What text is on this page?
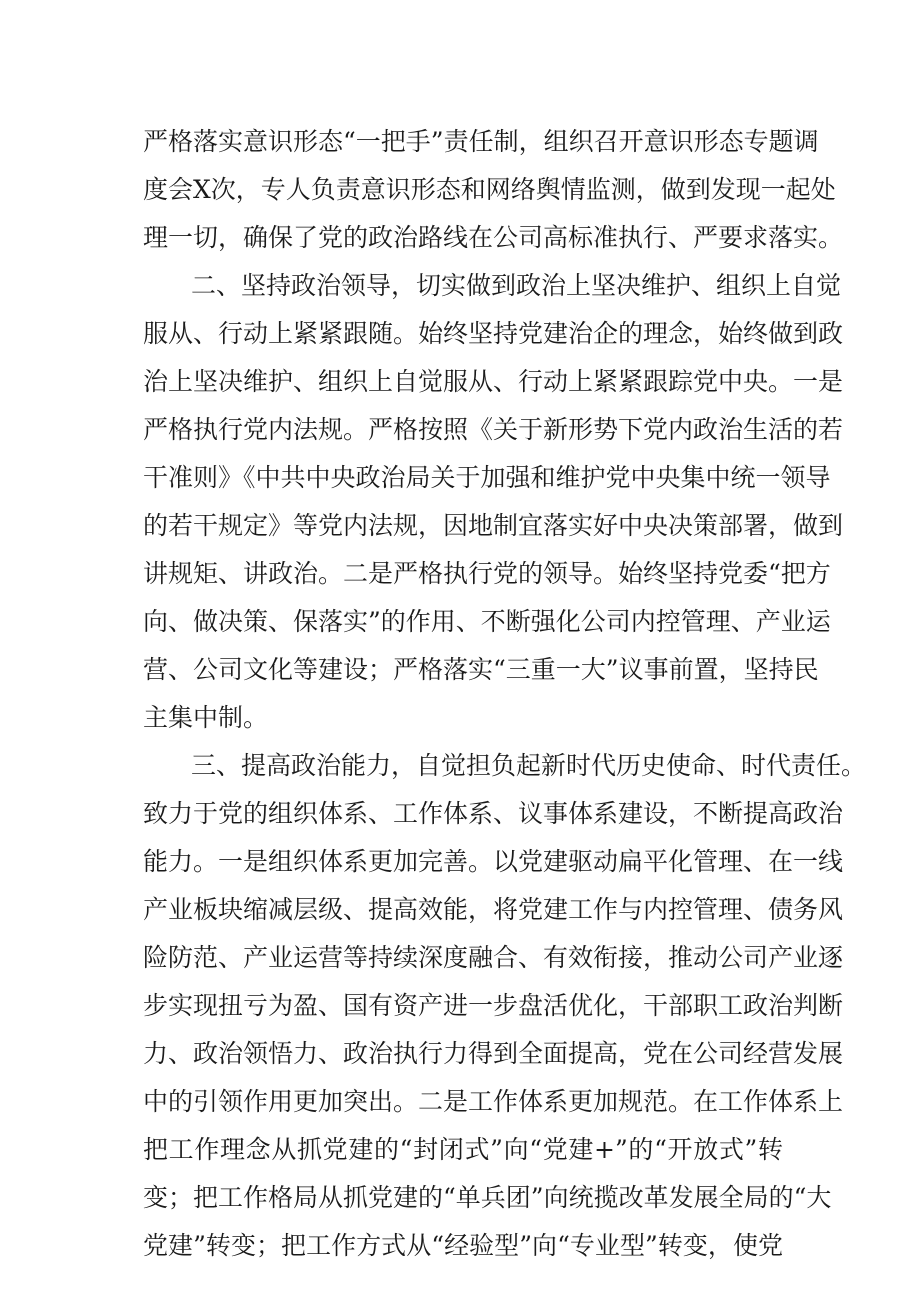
严格落实意识形态“一把手”责任制，组织召开意识形态专题调
度会X次，专人负责意识形态和网络舆情监测，做到发现一起处
理一切，确保了党的政治路线在公司高标准执行、严要求落实。
二、坚持政治领导，切实做到政治上坚决维护、组织上自觉
服从、行动上紧紧跟随。始终坚持党建治企的理念，始终做到政
治上坚决维护、组织上自觉服从、行动上紧紧跟踪党中央。一是
严格执行党内法规。严格按照《关于新形势下党内政治生活的若
干准则》《中共中央政治局关于加强和维护党中央集中统一领导
的若干规定》等党内法规，因地制宜落实好中央决策部署，做到
讲规矩、讲政治。二是严格执行党的领导。始终坚持党委“把方
向、做决策、保落实”的作用、不断强化公司内控管理、产业运
营、公司文化等建设；严格落实“三重一大”议事前置，坚持民
主集中制。
三、提高政治能力，自觉担负起新时代历史使命、时代责任。
致力于党的组织体系、工作体系、议事体系建设，不断提高政治
能力。一是组织体系更加完善。以党建驱动扁平化管理、在一线
产业板块缩减层级、提高效能，将党建工作与内控管理、债务风
险防范、产业运营等持续深度融合、有效衔接，推动公司产业逐
步实现扭亏为盈、国有资产进一步盘活优化，干部职工政治判断
力、政治领悟力、政治执行力得到全面提高，党在公司经营发展
中的引领作用更加突出。二是工作体系更加规范。在工作体系上
把工作理念从抓党建的“封闭式”向“党建+”的“开放式”转
变；把工作格局从抓党建的“单兵团”向统揽改革发展全局的“大
党建”转变；把工作方式从“经验型”向“专业型”转变，使党
